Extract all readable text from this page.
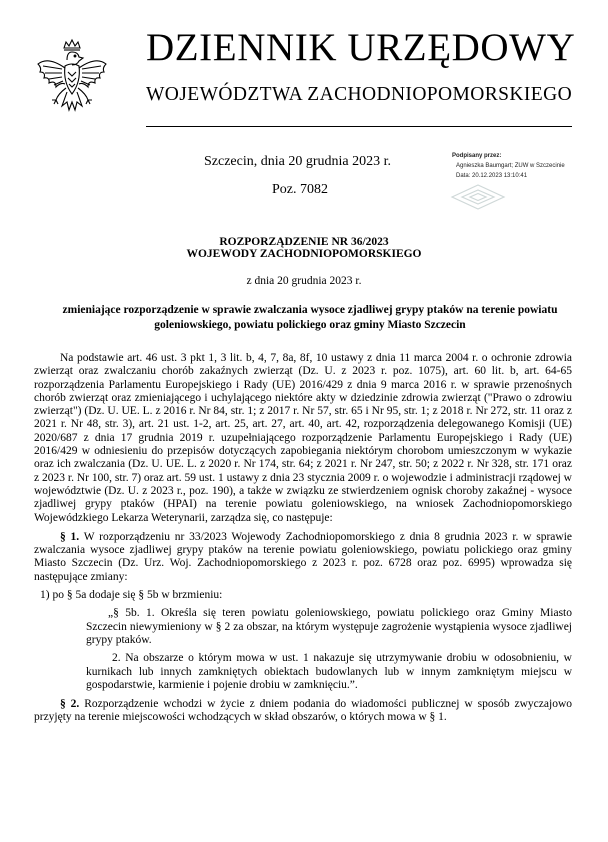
DZIENNIK URZĘDOWY
WOJEWÓDZTWA ZACHODNIOPOMORSKIEGO
Szczecin, dnia 20 grudnia 2023 r.
Poz. 7082
Podpisany przez:
Agnieszka Baumgart; ZUW w Szczecinie
Data: 20.12.2023 13:10:41
ROZPORZĄDZENIE NR 36/2023
WOJEWODY ZACHODNIOPOMORSKIEGO
z dnia 20 grudnia 2023 r.
zmieniające rozporządzenie w sprawie zwalczania wysoce zjadliwej grypy ptaków na terenie powiatu goleniowskiego, powiatu polickiego oraz gminy Miasto Szczecin

Na podstawie art. 46 ust. 3 pkt 1, 3 lit. b, 4, 7, 8a, 8f, 10 ustawy z dnia 11 marca 2004 r. o ochronie zdrowia zwierząt oraz zwalczaniu chorób zakaźnych zwierząt (Dz. U. z 2023 r. poz. 1075), art. 60 lit. b, art. 64-65 rozporządzenia Parlamentu Europejskiego i Rady (UE) 2016/429 z dnia 9 marca 2016 r. w sprawie przenośnych chorób zwierząt oraz zmieniającego i uchylającego niektóre akty w dziedzinie zdrowia zwierząt ("Prawo o zdrowiu zwierząt") (Dz. U. UE. L. z 2016 r. Nr 84, str. 1; z 2017 r. Nr 57, str. 65 i Nr 95, str. 1; z 2018 r. Nr 272, str. 11 oraz z 2021 r. Nr 48, str. 3), art. 21 ust. 1-2, art. 25, art. 27, art. 40, art. 42, rozporządzenia delegowanego Komisji (UE) 2020/687 z dnia 17 grudnia 2019 r. uzupełniającego rozporządzenie Parlamentu Europejskiego i Rady (UE) 2016/429 w odniesieniu do przepisów dotyczących zapobiegania niektórym chorobom umieszczonym w wykazie oraz ich zwalczania (Dz. U. UE. L. z 2020 r. Nr 174, str. 64; z 2021 r. Nr 247, str. 50; z 2022 r. Nr 328, str. 171 oraz z 2023 r. Nr 100, str. 7) oraz art. 59 ust. 1 ustawy z dnia 23 stycznia 2009 r. o wojewodzie i administracji rządowej w województwie (Dz. U. z 2023 r., poz. 190), a także w związku ze stwierdzeniem ognisk choroby zakaźnej - wysoce zjadliwej grypy ptaków (HPAI) na terenie powiatu goleniowskiego, na wniosek Zachodniopomorskiego Wojewódzkiego Lekarza Weterynarii, zarządza się, co następuje:

§ 1. W rozporządzeniu nr 33/2023 Wojewody Zachodniopomorskiego z dnia 8 grudnia 2023 r. w sprawie zwalczania wysoce zjadliwej grypy ptaków na terenie powiatu goleniowskiego, powiatu polickiego oraz gminy Miasto Szczecin (Dz. Urz. Woj. Zachodniopomorskiego z 2023 r. poz. 6728 oraz poz. 6995) wprowadza się następujące zmiany:

1) po § 5a dodaje się § 5b w brzmieniu:

„§ 5b. 1. Określa się teren powiatu goleniowskiego, powiatu polickiego oraz Gminy Miasto Szczecin niewymieniony w § 2 za obszar, na którym występuje zagrożenie wystąpienia wysoce zjadliwej grypy ptaków.

2. Na obszarze o którym mowa w ust. 1 nakazuje się utrzymywanie drobiu w odosobnieniu, w kurnikach lub innych zamkniętych obiektach budowlanych lub w innym zamkniętym miejscu w gospodarstwie, karmienie i pojenie drobiu w zamknięciu.”.

§ 2. Rozporządzenie wchodzi w życie z dniem podania do wiadomości publicznej w sposób zwyczajowo przyjęty na terenie miejscowości wchodzących w skład obszarów, o których mowa w § 1.
